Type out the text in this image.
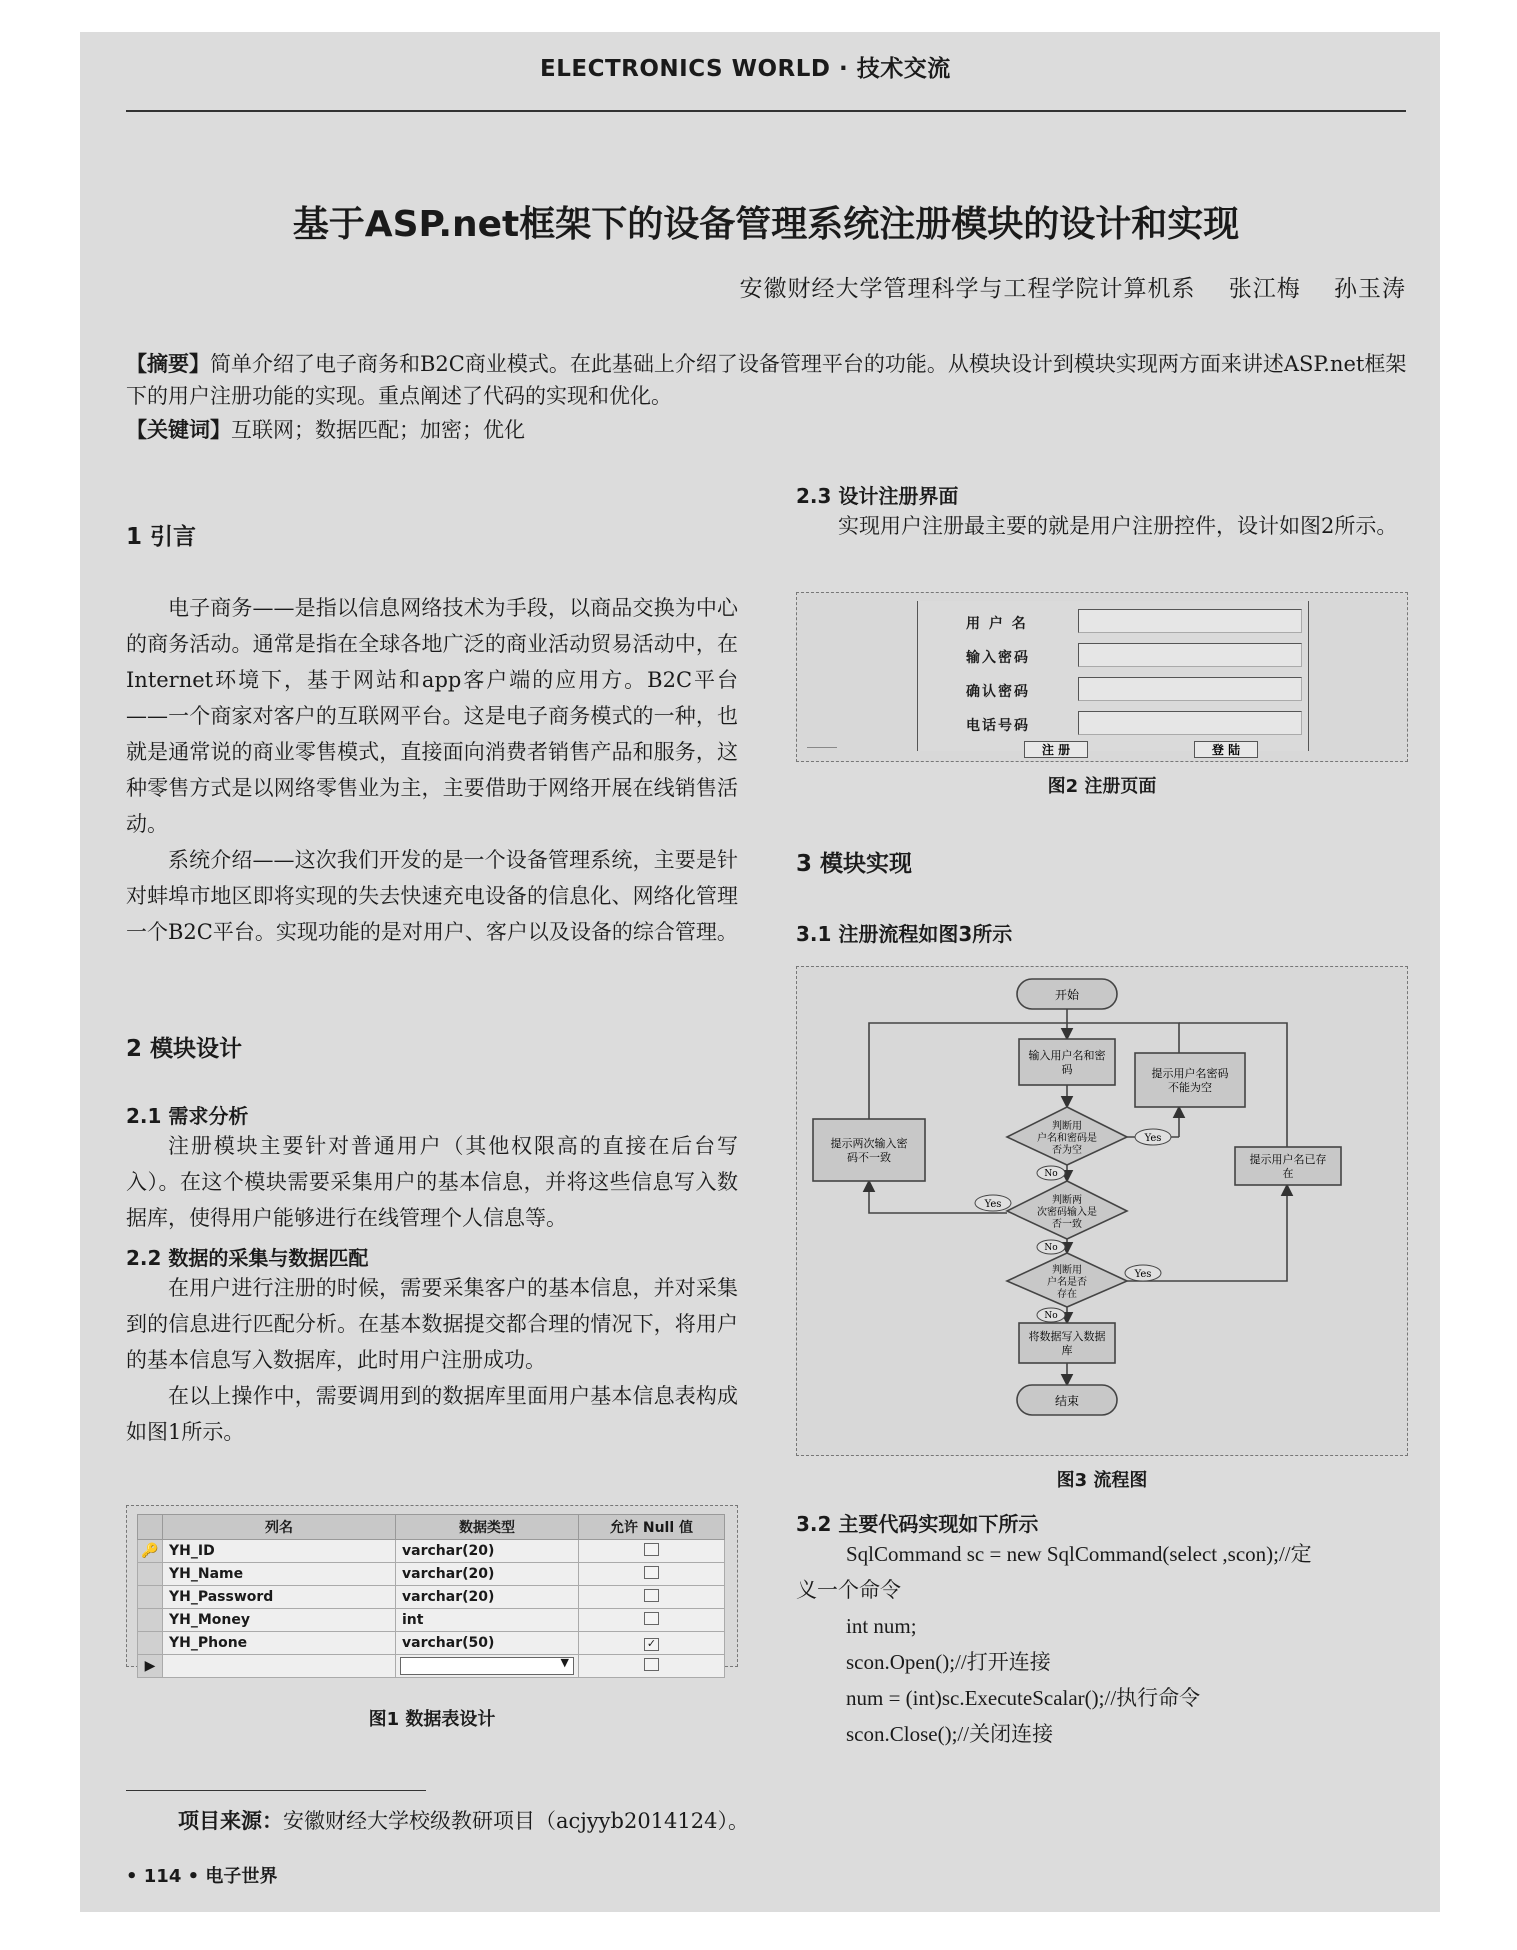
ELECTRONICS WORLD · 技术交流
基于ASP.net框架下的设备管理系统注册模块的设计和实现
安徽财经大学管理科学与工程学院计算机系 张江梅 孙玉涛
【摘要】简单介绍了电子商务和B2C商业模式。在此基础上介绍了设备管理平台的功能。从模块设计到模块实现两方面来讲述ASP.net框架下的用户注册功能的实现。重点阐述了代码的实现和优化。
【关键词】互联网；数据匹配；加密；优化
1 引言

电子商务——是指以信息网络技术为手段，以商品交换为中心的商务活动。通常是指在全球各地广泛的商业活动贸易活动中，在Internet环境下，基于网站和app客户端的应用方。B2C平台——一个商家对客户的互联网平台。这是电子商务模式的一种，也就是通常说的商业零售模式，直接面向消费者销售产品和服务，这种零售方式是以网络零售业为主，主要借助于网络开展在线销售活动。

系统介绍——这次我们开发的是一个设备管理系统，主要是针对蚌埠市地区即将实现的失去快速充电设备的信息化、网络化管理一个B2C平台。实现功能的是对用户、客户以及设备的综合管理。

2 模块设计
2.1 需求分析

注册模块主要针对普通用户（其他权限高的直接在后台写入）。在这个模块需要采集用户的基本信息，并将这些信息写入数据库，使得用户能够进行在线管理个人信息等。

2.2 数据的采集与数据匹配

在用户进行注册的时候，需要采集客户的基本信息，并对采集到的信息进行匹配分析。在基本数据提交都合理的情况下，将用户的基本信息写入数据库，此时用户注册成功。

在以上操作中，需要调用到的数据库里面用户基本信息表构成如图1所示。

	列名	数据类型	允许 Null 值
🔑	YH_ID	varchar(20)	
	YH_Name	varchar(20)	
	YH_Password	varchar(20)	
	YH_Money	int	
	YH_Phone	varchar(50)	✓
▶		▼	

图1 数据表设计
2.3 设计注册界面

实现用户注册最主要的就是用户注册控件，设计如图2所示。

用 户 名
输入密码
确认密码
电话号码
注 册	登 陆
图2 注册页面
3 模块实现
3.1 注册流程如图3所示
开始
输入用户名和密
码	提示用户名密码
不能为空
判断用
户名和密码是
否为空
Yes
No
提示两次输入密
码不一致
判断两
次密码输入是
否一致
Yes
No
提示用户名已存
在
判断用
户名是否
存在
Yes
No
将数据写入数据
库
结束
图3 流程图
3.2 主要代码实现如下所示
SqlCommand sc = new SqlCommand(select ,scon);//定
义一个命令
int num;
scon.Open();//打开连接
num = (int)sc.ExecuteScalar();//执行命令
scon.Close();//关闭连接
项目来源：安徽财经大学校级教研项目（acjyyb2014124）。
• 114 • 电子世界
